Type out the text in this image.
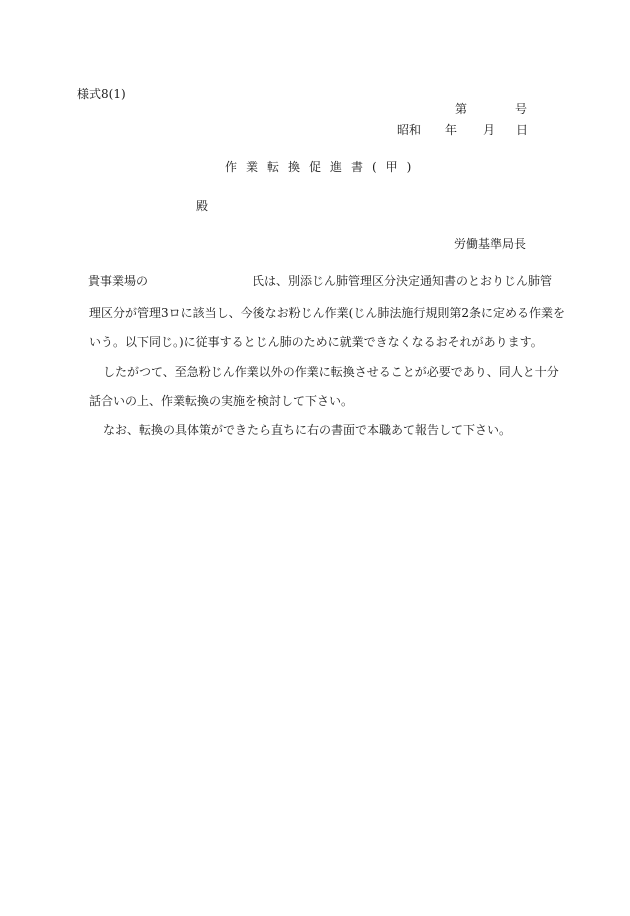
様式8(1)
第	号
昭和 年 月 日
作業転換促進書(甲)
殿
労働基準局長
貴事業場の	氏は、別添じん肺管理区分決定通知書のとおりじん肺管
理区分が管理3ロに該当し、今後なお粉じん作業(じん肺法施行規則第2条に定める作業を
いう。以下同じ。)に従事するとじん肺のために就業できなくなるおそれがあります。
したがつて、至急粉じん作業以外の作業に転換させることが必要であり、同人と十分
話合いの上、作業転換の実施を検討して下さい。
なお、転換の具体策ができたら直ちに右の書面で本職あて報告して下さい。
